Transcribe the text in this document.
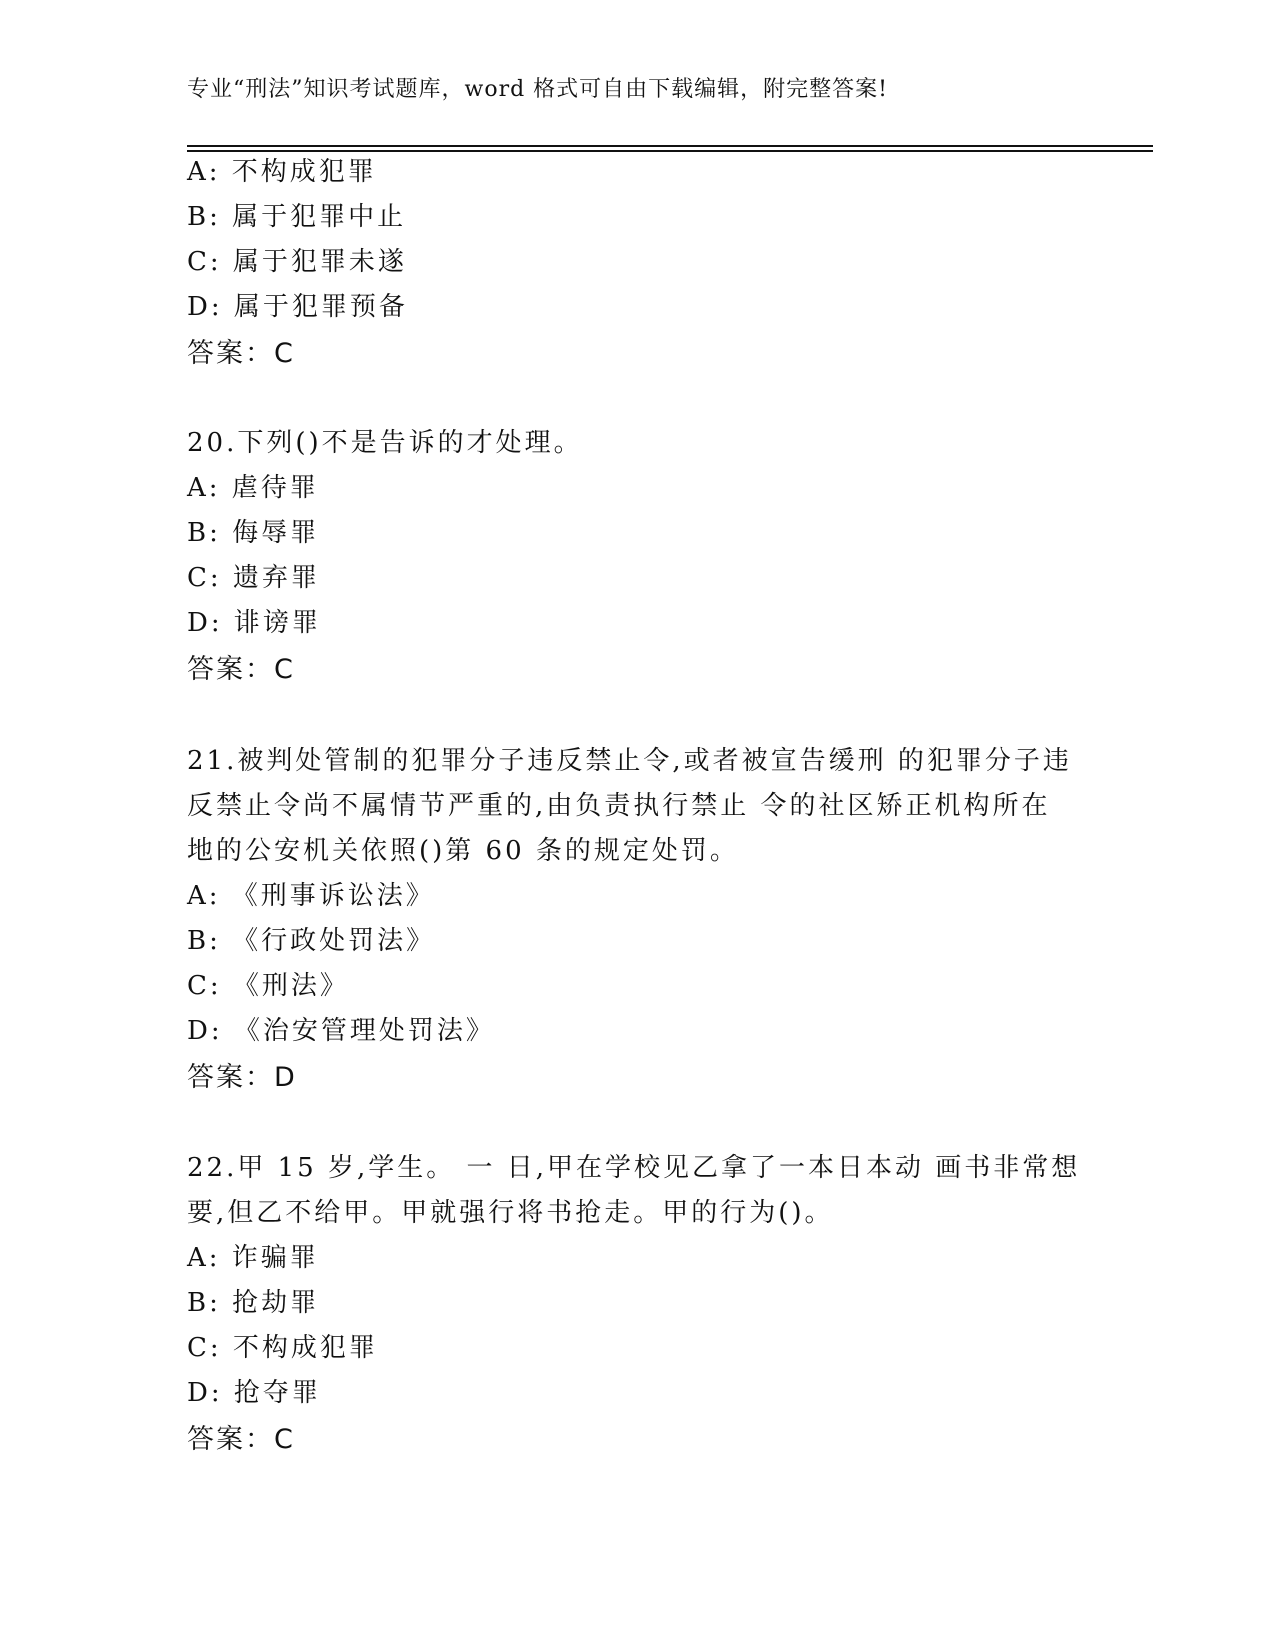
专业“刑法”知识考试题库，word 格式可自由下载编辑，附完整答案!
A: 不构成犯罪
B: 属于犯罪中止
C: 属于犯罪未遂
D: 属于犯罪预备
答案：C
20.下列()不是告诉的才处理。
A: 虐待罪
B: 侮辱罪
C: 遗弃罪
D: 诽谤罪
答案：C
21.被判处管制的犯罪分子违反禁止令,或者被宣告缓刑 的犯罪分子违
反禁止令尚不属情节严重的,由负责执行禁止 令的社区矫正机构所在
地的公安机关依照()第 60 条的规定处罚。
A: 《刑事诉讼法》
B: 《行政处罚法》
C: 《刑法》
D: 《治安管理处罚法》
答案：D
22.甲 15 岁,学生。 一 日,甲在学校见乙拿了一本日本动 画书非常想
要,但乙不给甲。甲就强行将书抢走。甲的行为()。
A: 诈骗罪
B: 抢劫罪
C: 不构成犯罪
D: 抢夺罪
答案：C
